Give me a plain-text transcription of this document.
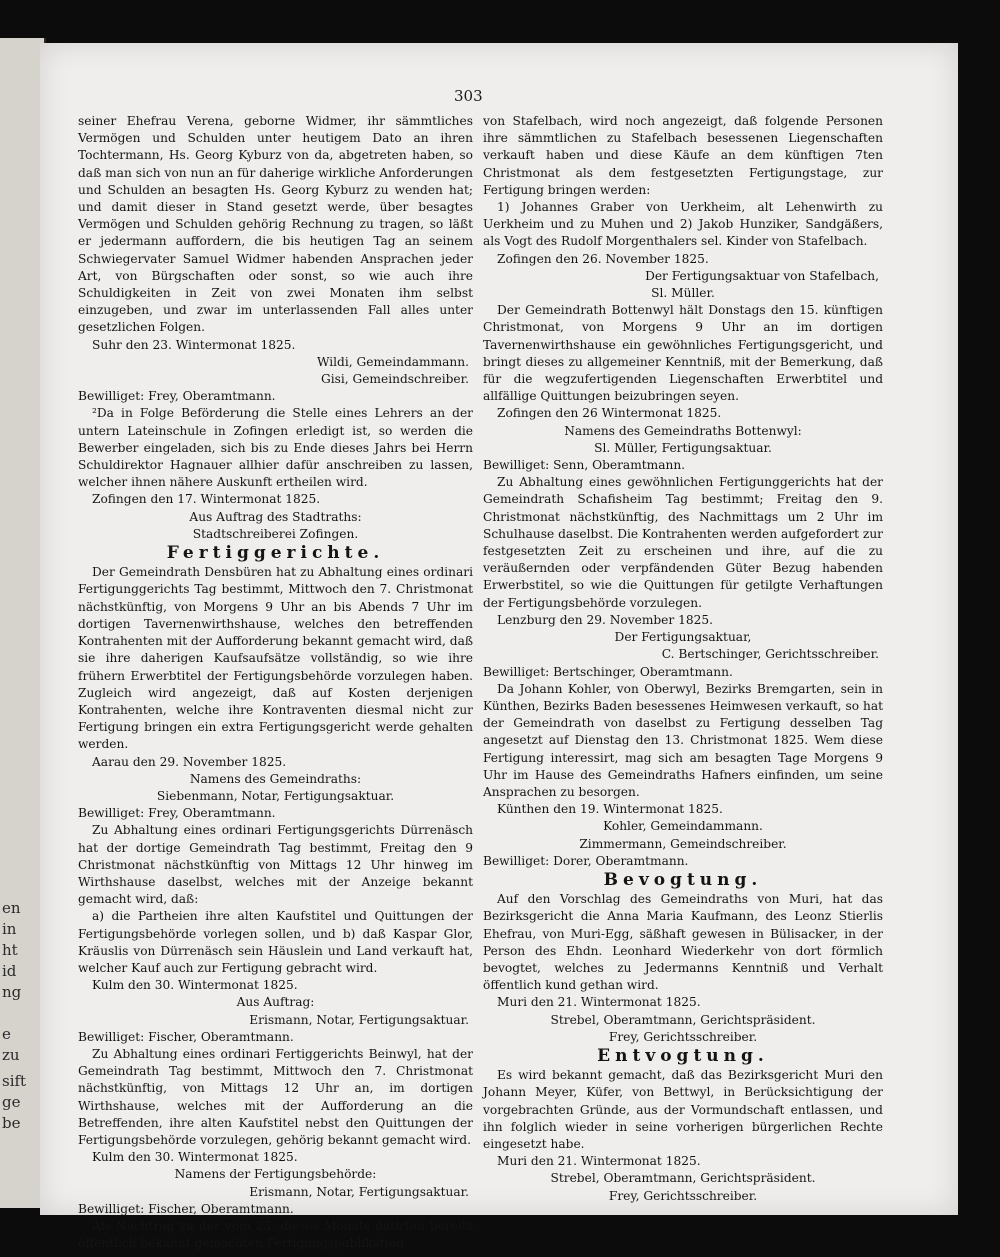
en
in
ht
id
ng
e
zu
sift
ge
be
303

seiner Ehefrau Verena, geborne Widmer, ihr sämmtliches Vermögen und Schulden unter heutigem Dato an ihren Tochtermann, Hs. Georg Kyburz von da, abgetreten haben, so daß man sich von nun an für daherige wirkliche Anforderungen und Schulden an besagten Hs. Georg Kyburz zu wenden hat; und damit dieser in Stand gesetzt werde, über besagtes Vermögen und Schulden gehörig Rechnung zu tragen, so läßt er jedermann auffordern, die bis heutigen Tag an seinem Schwiegervater Samuel Widmer habenden Ansprachen jeder Art, von Bürgschaften oder sonst, so wie auch ihre Schuldigkeiten in Zeit von zwei Monaten ihm selbst einzugeben, und zwar im unterlassenden Fall alles unter gesetzlichen Folgen.

Suhr den 23. Wintermonat 1825.

Wildi, Gemeindammann.

Gisi, Gemeindschreiber.

Bewilliget: Frey, Oberamtmann.

²Da in Folge Beförderung die Stelle eines Lehrers an der untern Lateinschule in Zofingen erledigt ist, so werden die Bewerber eingeladen, sich bis zu Ende dieses Jahrs bei Herrn Schuldirektor Hagnauer allhier dafür anschreiben zu lassen, welcher ihnen nähere Auskunft ertheilen wird.

Zofingen den 17. Wintermonat 1825.

Aus Auftrag des Stadtraths:

Stadtschreiberei Zofingen.

Fertiggerichte.

Der Gemeindrath Densbüren hat zu Abhaltung eines ordinari Fertigunggerichts Tag bestimmt, Mittwoch den 7. Christmonat nächstkünftig, von Morgens 9 Uhr an bis Abends 7 Uhr im dortigen Tavernenwirthshause, welches den betreffenden Kontrahenten mit der Aufforderung bekannt gemacht wird, daß sie ihre daherigen Kaufsaufsätze vollständig, so wie ihre frühern Erwerbtitel der Fertigungsbehörde vorzulegen haben. Zugleich wird angezeigt, daß auf Kosten derjenigen Kontrahenten, welche ihre Kontraventen diesmal nicht zur Fertigung bringen ein extra Fertigungsgericht werde gehalten werden.

Aarau den 29. November 1825.

Namens des Gemeindraths:

Siebenmann, Notar, Fertigungsaktuar.

Bewilliget: Frey, Oberamtmann.

Zu Abhaltung eines ordinari Fertigungsgerichts Dürrenäsch hat der dortige Gemeindrath Tag bestimmt, Freitag den 9 Christmonat nächstkünftig von Mittags 12 Uhr hinweg im Wirthshause daselbst, welches mit der Anzeige bekannt gemacht wird, daß:

a) die Partheien ihre alten Kaufstitel und Quittungen der Fertigungsbehörde vorlegen sollen, und b) daß Kaspar Glor, Kräuslis von Dürrenäsch sein Häuslein und Land verkauft hat, welcher Kauf auch zur Fertigung gebracht wird.

Kulm den 30. Wintermonat 1825.

Aus Auftrag:

Erismann, Notar, Fertigungsaktuar.

Bewilliget: Fischer, Oberamtmann.

Zu Abhaltung eines ordinari Fertiggerichts Beinwyl, hat der Gemeindrath Tag bestimmt, Mittwoch den 7. Christmonat nächstkünftig, von Mittags 12 Uhr an, im dortigen Wirthshause, welches mit der Aufforderung an die Betreffenden, ihre alten Kaufstitel nebst den Quittungen der Fertigungsbehörde vorzulegen, gehörig bekannt gemacht wird.

Kulm den 30. Wintermonat 1825.

Namens der Fertigungsbehörde:

Erismann, Notar, Fertigungsaktuar.

Bewilliget: Fischer, Oberamtmann.

Als Nachtrag zu der vom 23. dieses Monats datirten bereits öffentlich bekannt gemachten Fertigungspublikation

von Stafelbach, wird noch angezeigt, daß folgende Personen ihre sämmtlichen zu Stafelbach besessenen Liegenschaften verkauft haben und diese Käufe an dem künftigen 7ten Christmonat als dem festgesetzten Fertigungstage, zur Fertigung bringen werden:

1) Johannes Graber von Uerkheim, alt Lehenwirth zu Uerkheim und zu Muhen und 2) Jakob Hunziker, Sandgäßers, als Vogt des Rudolf Morgenthalers sel. Kinder von Stafelbach.

Zofingen den 26. November 1825.

Der Fertigungsaktuar von Stafelbach,

Sl. Müller.

Der Gemeindrath Bottenwyl hält Donstags den 15. künftigen Christmonat, von Morgens 9 Uhr an im dortigen Tavernenwirthshause ein gewöhnliches Fertigungsgericht, und bringt dieses zu allgemeiner Kenntniß, mit der Bemerkung, daß für die wegzufertigenden Liegenschaften Erwerbtitel und allfällige Quittungen beizubringen seyen.

Zofingen den 26 Wintermonat 1825.

Namens des Gemeindraths Bottenwyl:

Sl. Müller, Fertigungsaktuar.

Bewilliget: Senn, Oberamtmann.

Zu Abhaltung eines gewöhnlichen Fertigunggerichts hat der Gemeindrath Schafisheim Tag bestimmt; Freitag den 9. Christmonat nächstkünftig, des Nachmittags um 2 Uhr im Schulhause daselbst. Die Kontrahenten werden aufgefordert zur festgesetzten Zeit zu erscheinen und ihre, auf die zu veräußernden oder verpfändenden Güter Bezug habenden Erwerbstitel, so wie die Quittungen für getilgte Verhaftungen der Fertigungsbehörde vorzulegen.

Lenzburg den 29. November 1825.

Der Fertigungsaktuar,

C. Bertschinger, Gerichtsschreiber.

Bewilliget: Bertschinger, Oberamtmann.

Da Johann Kohler, von Oberwyl, Bezirks Bremgarten, sein in Künthen, Bezirks Baden besessenes Heimwesen verkauft, so hat der Gemeindrath von daselbst zu Fertigung desselben Tag angesetzt auf Dienstag den 13. Christmonat 1825. Wem diese Fertigung interessirt, mag sich am besagten Tage Morgens 9 Uhr im Hause des Gemeindraths Hafners einfinden, um seine Ansprachen zu besorgen.

Künthen den 19. Wintermonat 1825.

Kohler, Gemeindammann.

Zimmermann, Gemeindschreiber.

Bewilliget: Dorer, Oberamtmann.

Bevogtung.

Auf den Vorschlag des Gemeindraths von Muri, hat das Bezirksgericht die Anna Maria Kaufmann, des Leonz Stierlis Ehefrau, von Muri-Egg, säßhaft gewesen in Bülisacker, in der Person des Ehdn. Leonhard Wiederkehr von dort förmlich bevogtet, welches zu Jedermanns Kenntniß und Verhalt öffentlich kund gethan wird.

Muri den 21. Wintermonat 1825.

Strebel, Oberamtmann, Gerichtspräsident.

Frey, Gerichtsschreiber.

Entvogtung.

Es wird bekannt gemacht, daß das Bezirksgericht Muri den Johann Meyer, Küfer, von Bettwyl, in Berücksichtigung der vorgebrachten Gründe, aus der Vormundschaft entlassen, und ihn folglich wieder in seine vorherigen bürgerlichen Rechte eingesetzt habe.

Muri den 21. Wintermonat 1825.

Strebel, Oberamtmann, Gerichtspräsident.

Frey, Gerichtsschreiber.
